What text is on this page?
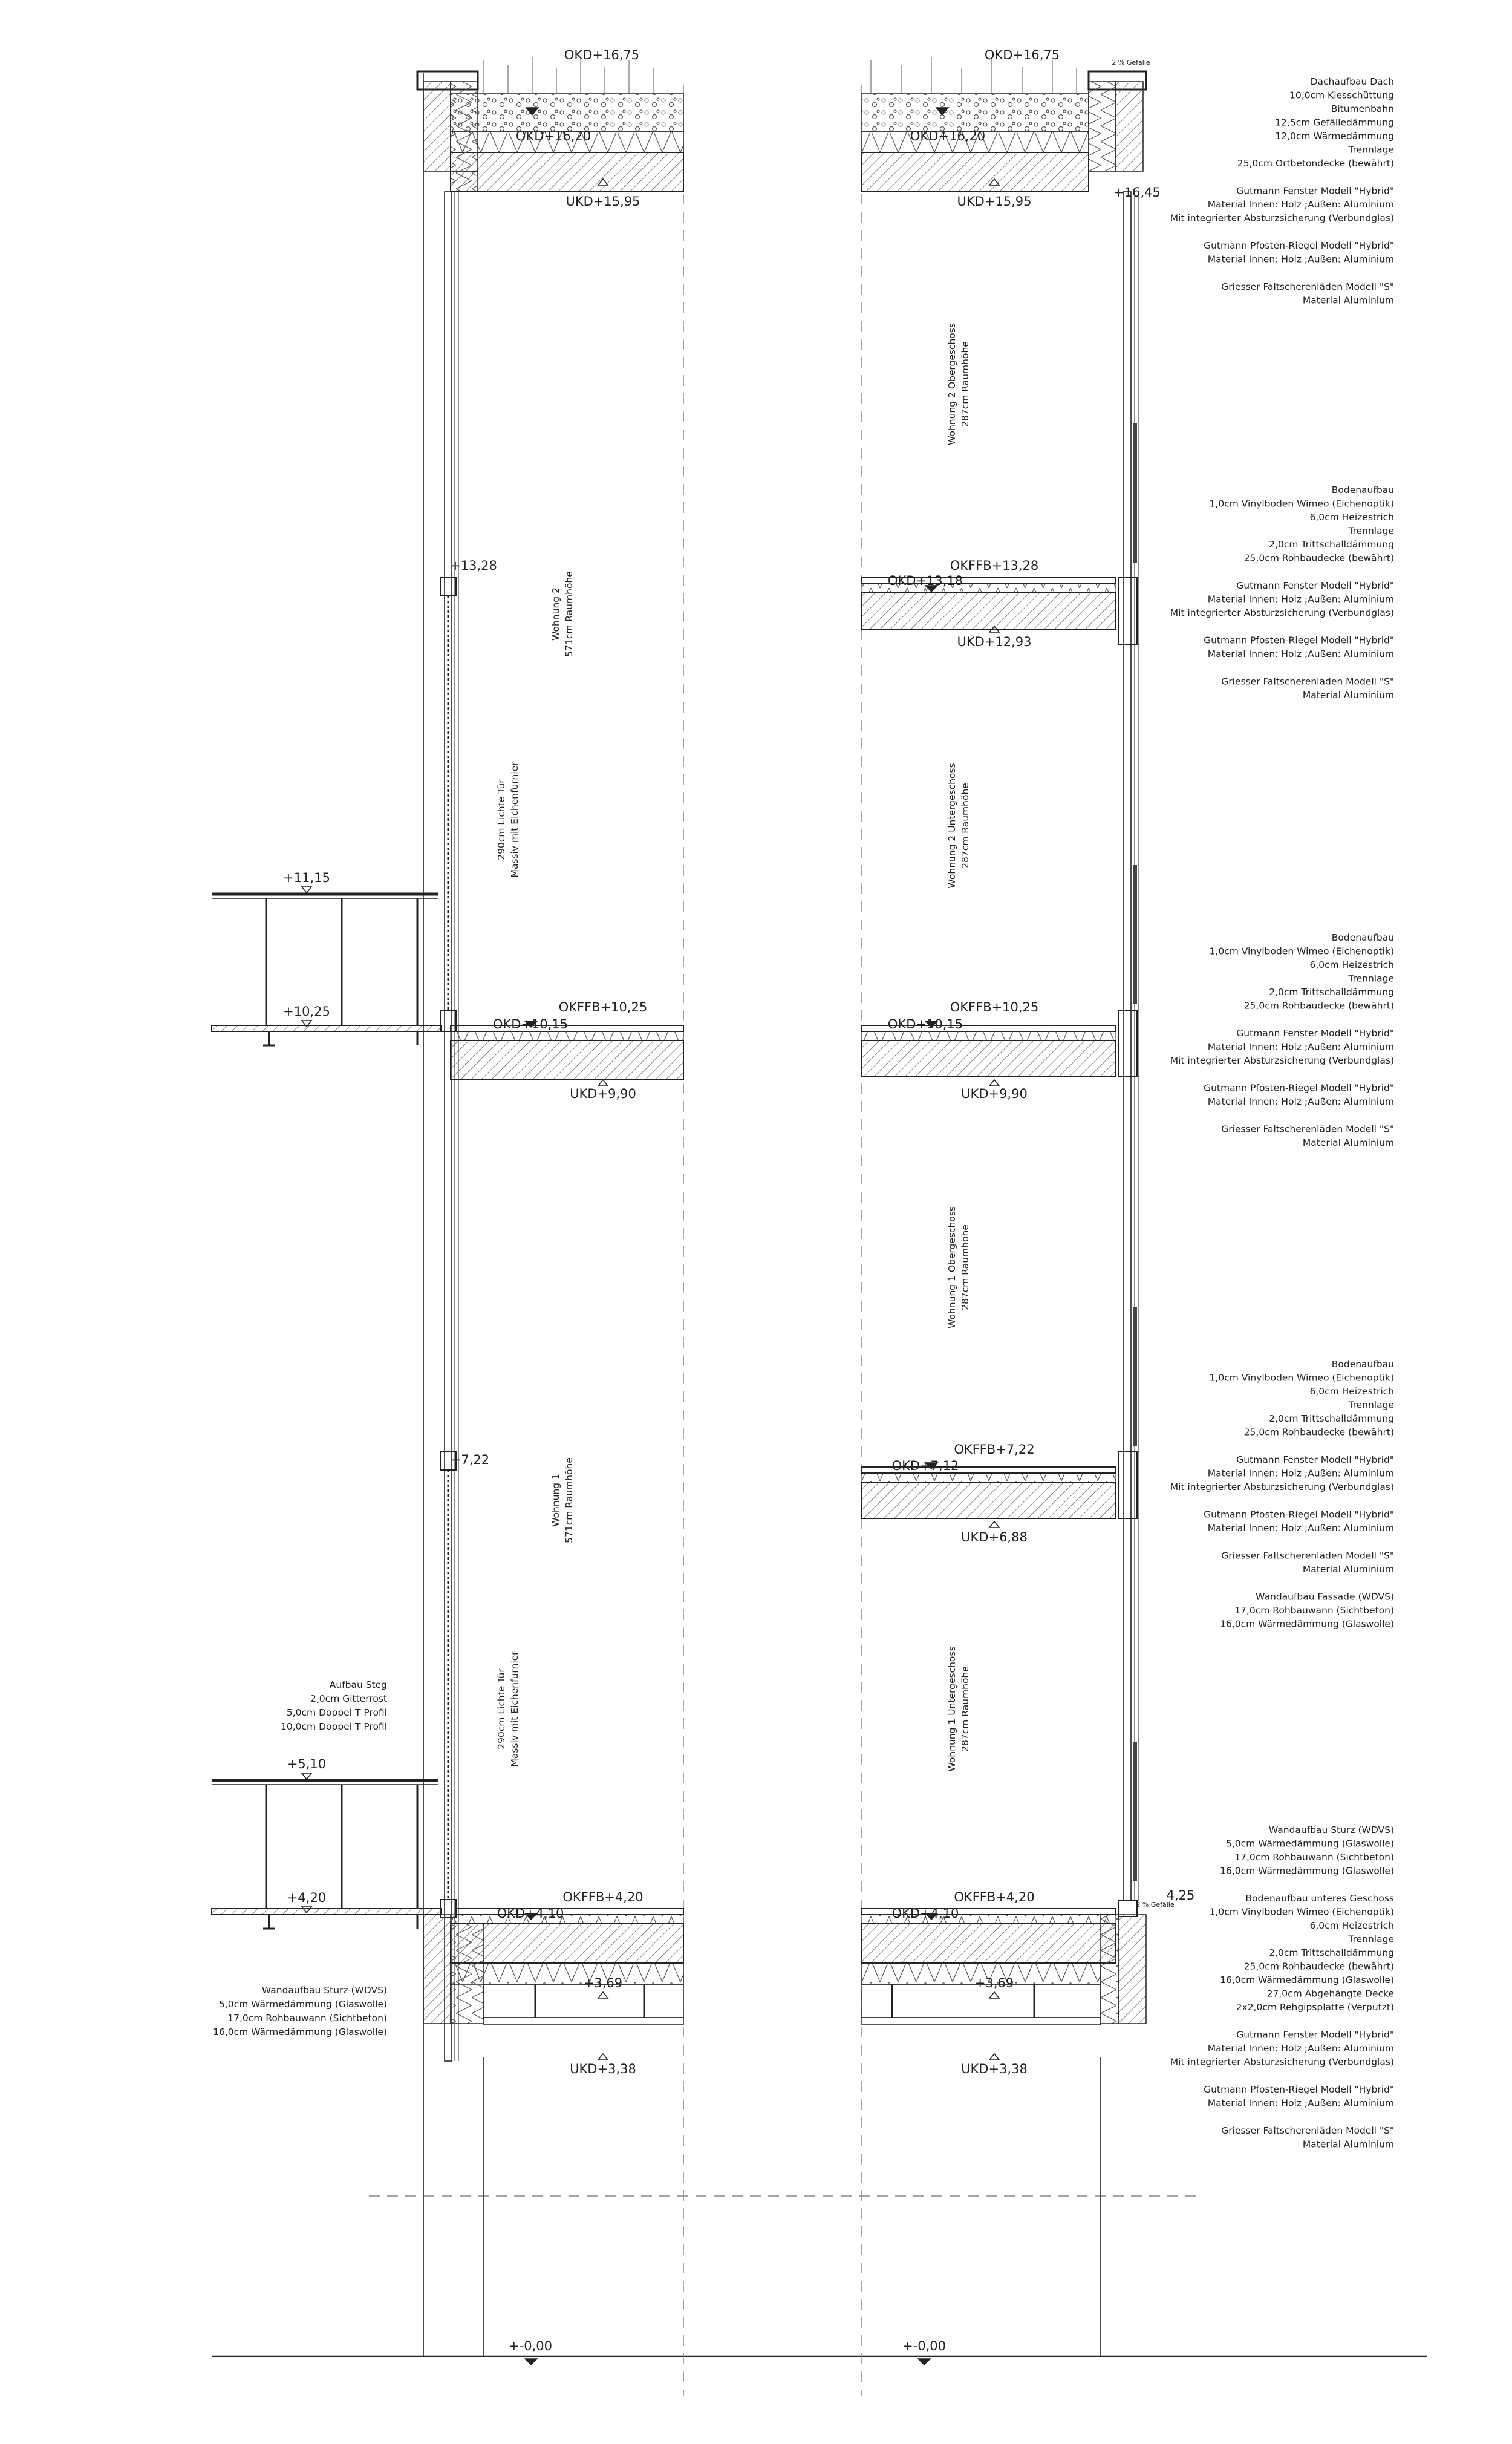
OKD+16,75
OKD+16,20
UKD+15,95
+13,28
OKFFB+10,25
OKD+10,15
UKD+9,90
+7,22
OKFFB+4,20
OKD+4,10
+3,69
UKD+3,38
+-0,00
+11,15
+10,25
+5,10
+4,20
OKD+16,75
OKD+16,20
UKD+15,95
+16,45
OKFFB+13,28
OKD+13,18
UKD+12,93
OKFFB+10,25
OKD+10,15
UKD+9,90
OKFFB+7,22
OKD+7,12
UKD+6,88
OKFFB+4,20
OKD+4,10
4,25
+3,69
UKD+3,38
+-0,00
2 % Gefälle
2 % Gefälle
Wohnung 2 571cm Raumhöhe
290cm Lichte Tür Massiv mit Eichenfurnier
Wohnung 1 571cm Raumhöhe
290cm Lichte Tür Massiv mit Eichenfurnier
Wohnung 2 Obergeschoss 287cm Raumhöhe
Wohnung 2 Untergeschoss 287cm Raumhöhe
Wohnung 1 Obergeschoss 287cm Raumhöhe
Wohnung 1 Untergeschoss 287cm Raumhöhe
Aufbau Steg
2,0cm Gitterrost
5,0cm Doppel T Profil
10,0cm Doppel T Profil
Wandaufbau Sturz (WDVS)
5,0cm Wärmedämmung (Glaswolle)
17,0cm Rohbauwann (Sichtbeton)
16,0cm Wärmedämmung (Glaswolle)
Dachaufbau Dach
10,0cm Kiesschüttung
Bitumenbahn
12,5cm Gefälledämmung
12,0cm Wärmedämmung
Trennlage
25,0cm Ortbetondecke (bewährt)
Gutmann Fenster Modell "Hybrid"
Material Innen: Holz ;Außen: Aluminium
Mit integrierter Absturzsicherung (Verbundglas)
Gutmann Pfosten-Riegel Modell "Hybrid"
Material Innen: Holz ;Außen: Aluminium
Griesser Faltscherenläden Modell "S"
Material Aluminium
Bodenaufbau
1,0cm Vinylboden Wimeo (Eichenoptik)
6,0cm Heizestrich
Trennlage
2,0cm Trittschalldämmung
25,0cm Rohbaudecke (bewährt)
Gutmann Fenster Modell "Hybrid"
Material Innen: Holz ;Außen: Aluminium
Mit integrierter Absturzsicherung (Verbundglas)
Gutmann Pfosten-Riegel Modell "Hybrid"
Material Innen: Holz ;Außen: Aluminium
Griesser Faltscherenläden Modell "S"
Material Aluminium
Bodenaufbau
1,0cm Vinylboden Wimeo (Eichenoptik)
6,0cm Heizestrich
Trennlage
2,0cm Trittschalldämmung
25,0cm Rohbaudecke (bewährt)
Gutmann Fenster Modell "Hybrid"
Material Innen: Holz ;Außen: Aluminium
Mit integrierter Absturzsicherung (Verbundglas)
Gutmann Pfosten-Riegel Modell "Hybrid"
Material Innen: Holz ;Außen: Aluminium
Griesser Faltscherenläden Modell "S"
Material Aluminium
Bodenaufbau
1,0cm Vinylboden Wimeo (Eichenoptik)
6,0cm Heizestrich
Trennlage
2,0cm Trittschalldämmung
25,0cm Rohbaudecke (bewährt)
Gutmann Fenster Modell "Hybrid"
Material Innen: Holz ;Außen: Aluminium
Mit integrierter Absturzsicherung (Verbundglas)
Gutmann Pfosten-Riegel Modell "Hybrid"
Material Innen: Holz ;Außen: Aluminium
Griesser Faltscherenläden Modell "S"
Material Aluminium
Wandaufbau Fassade (WDVS)
17,0cm Rohbauwann (Sichtbeton)
16,0cm Wärmedämmung (Glaswolle)
Wandaufbau Sturz (WDVS)
5,0cm Wärmedämmung (Glaswolle)
17,0cm Rohbauwann (Sichtbeton)
16,0cm Wärmedämmung (Glaswolle)
Bodenaufbau unteres Geschoss
1,0cm Vinylboden Wimeo (Eichenoptik)
6,0cm Heizestrich
Trennlage
2,0cm Trittschalldämmung
25,0cm Rohbaudecke (bewährt)
16,0cm Wärmedämmung (Glaswolle)
27,0cm Abgehängte Decke
2x2,0cm Rehgipsplatte (Verputzt)
Gutmann Fenster Modell "Hybrid"
Material Innen: Holz ;Außen: Aluminium
Mit integrierter Absturzsicherung (Verbundglas)
Gutmann Pfosten-Riegel Modell "Hybrid"
Material Innen: Holz ;Außen: Aluminium
Griesser Faltscherenläden Modell "S"
Material Aluminium
